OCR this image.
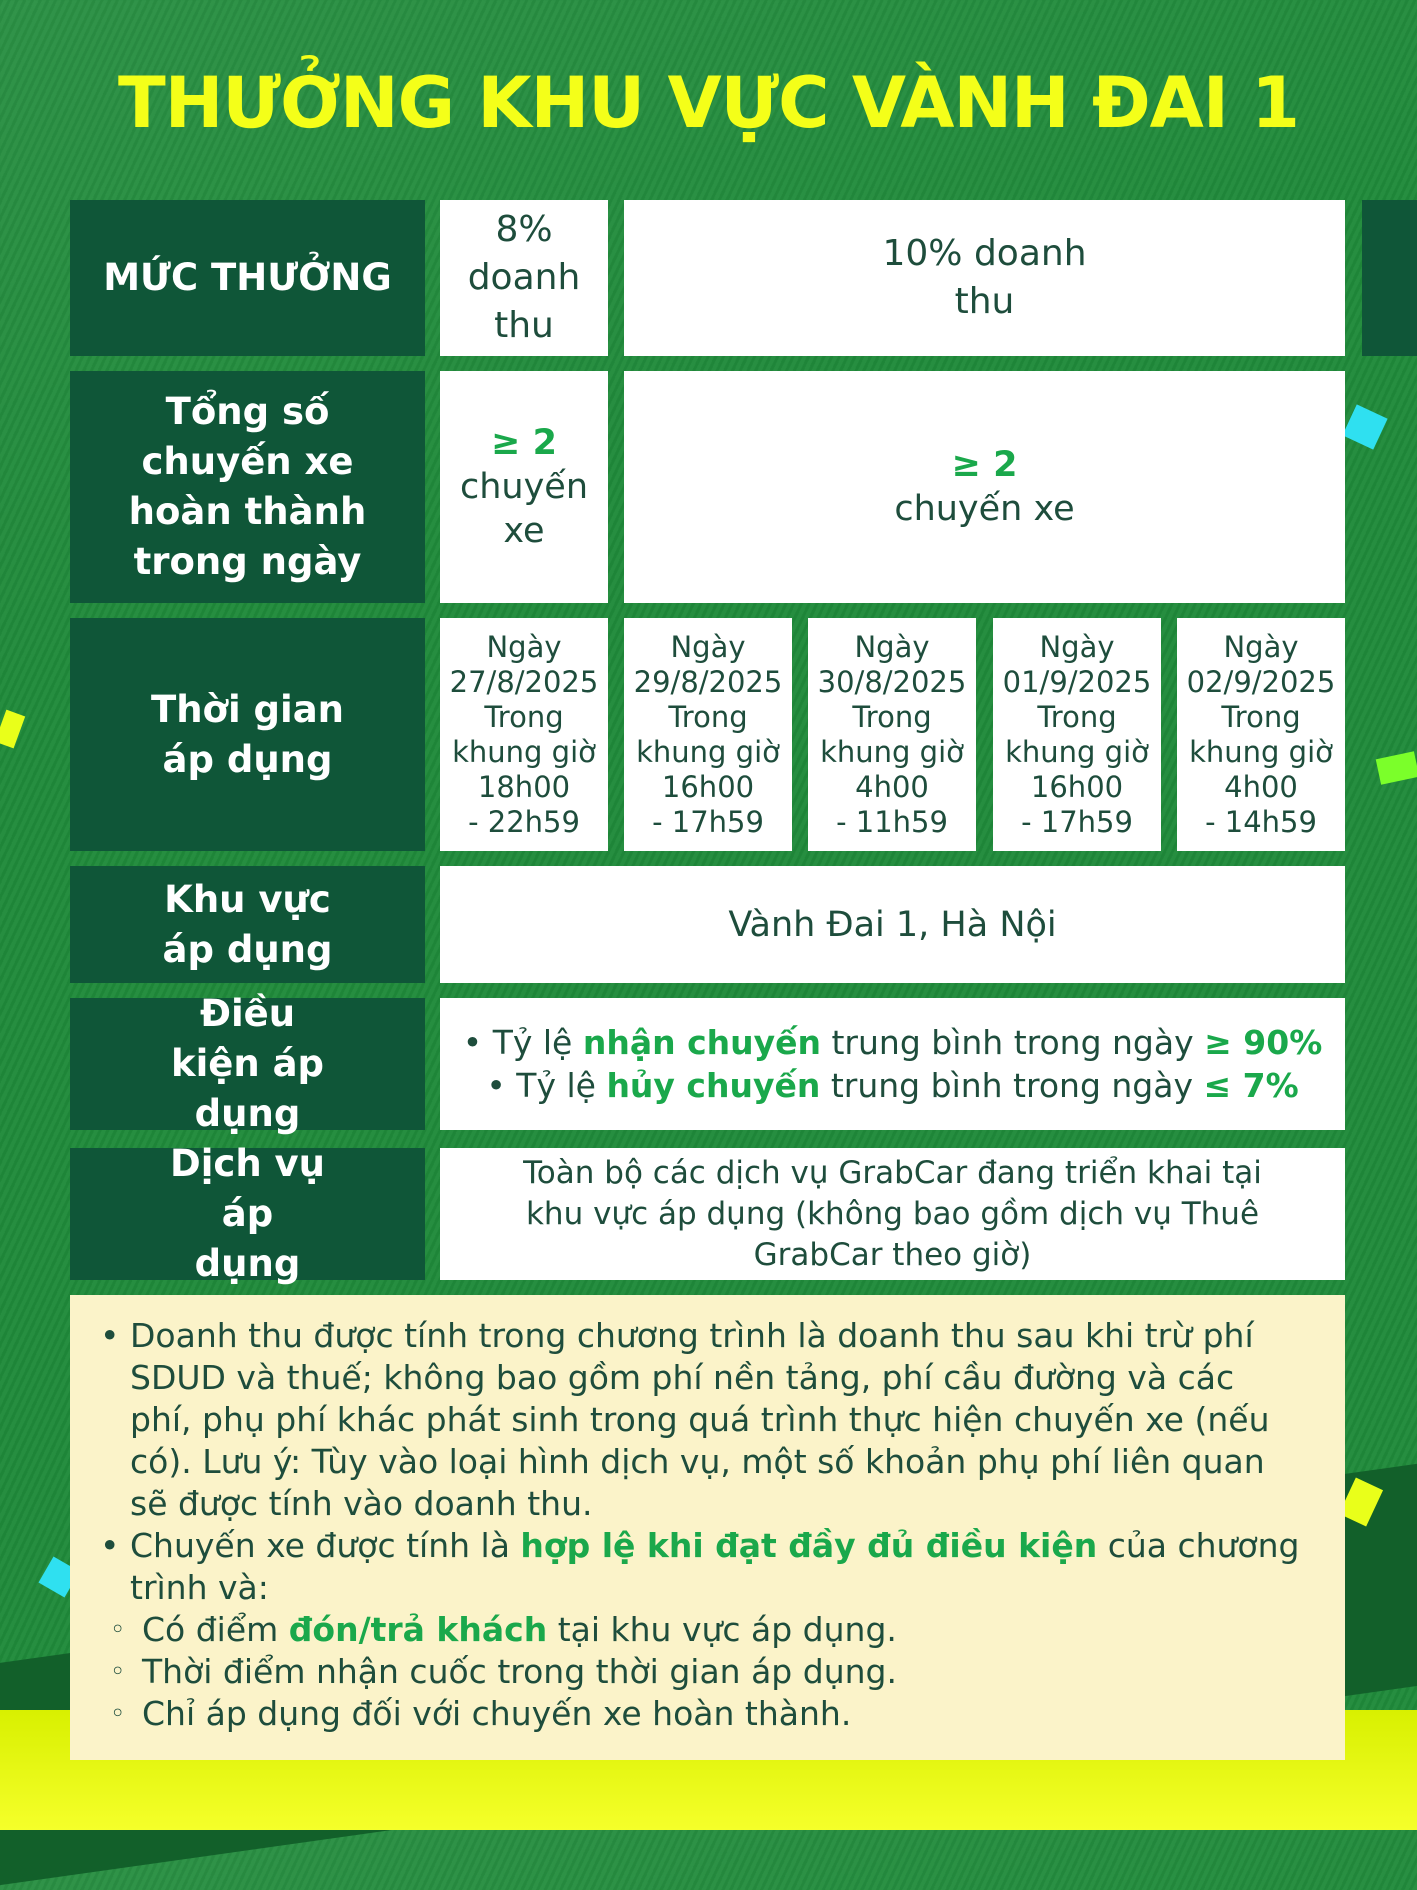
THƯỞNG KHU VỰC VÀNH ĐAI 1
MỨC THƯỞNG
8% doanh thu
10% doanh thu
Tổng số chuyến xe hoàn thành trong ngày
≥ 2
chuyến xe
≥ 2
chuyến xe
Thời gian áp dụng
Ngày
27/8/2025
Trong
khung giờ
18h00
- 22h59
Ngày
29/8/2025
Trong
khung giờ
16h00
- 17h59
Ngày
30/8/2025
Trong
khung giờ
4h00
- 11h59
Ngày
01/9/2025
Trong
khung giờ
16h00
- 17h59
Ngày
02/9/2025
Trong
khung giờ
4h00
- 14h59
Khu vực áp dụng
Vành Đai 1, Hà Nội
Điều kiện áp dụng
• Tỷ lệ nhận chuyến trung bình trong ngày ≥ 90%
• Tỷ lệ hủy chuyến trung bình trong ngày ≤ 7%
Dịch vụ áp dụng
Toàn bộ các dịch vụ GrabCar đang triển khai tại khu vực áp dụng (không bao gồm dịch vụ Thuê GrabCar theo giờ)
• Doanh thu được tính trong chương trình là doanh thu sau khi trừ phí SDUD và thuế; không bao gồm phí nền tảng, phí cầu đường và các phí, phụ phí khác phát sinh trong quá trình thực hiện chuyến xe (nếu có). Lưu ý: Tùy vào loại hình dịch vụ, một số khoản phụ phí liên quan sẽ được tính vào doanh thu.
• Chuyến xe được tính là hợp lệ khi đạt đầy đủ điều kiện của chương trình và:
◦ Có điểm đón/trả khách tại khu vực áp dụng.
◦ Thời điểm nhận cuốc trong thời gian áp dụng.
◦ Chỉ áp dụng đối với chuyến xe hoàn thành.
